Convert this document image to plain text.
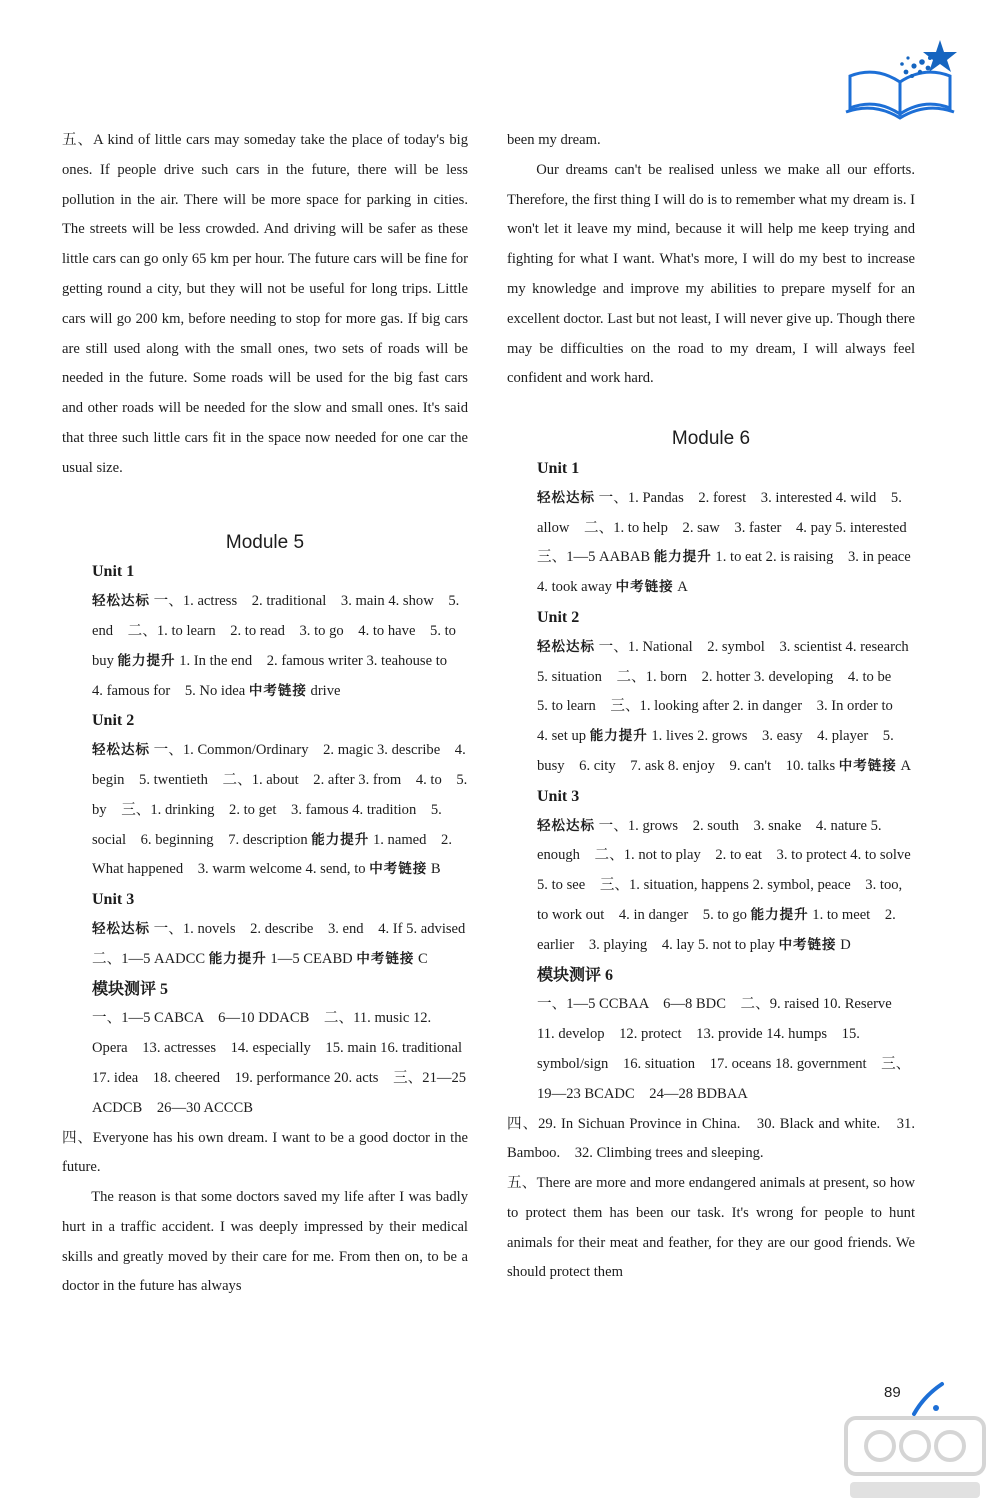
五、A kind of little cars may someday take the place of today's big ones. If people drive such cars in the future, there will be less pollution in the air. There will be more space for parking in cities. The streets will be less crowded. And driving will be safer as these little cars can go only 65 km per hour. The future cars will be fine for getting round a city, but they will not be useful for long trips. Little cars will go 200 km, before needing to stop for more gas. If big cars are still used along with the small ones, two sets of roads will be needed in the future. Some roads will be used for the big fast cars and other roads will be needed for the slow and small ones. It's said that three such little cars fit in the space now needed for one car the usual size.

Module 5

Unit 1

轻松达标 一、1. actress　2. traditional　3. main 4. show　5. end　二、1. to learn　2. to read　3. to go　4. to have　5. to buy 能力提升 1. In the end　2. famous writer 3. teahouse to　4. famous for　5. No idea 中考链接 drive

Unit 2

轻松达标 一、1. Common/Ordinary　2. magic 3. describe　4. begin　5. twentieth　二、1. about　2. after 3. from　4. to　5. by　三、1. drinking　2. to get　3. famous 4. tradition　5. social　6. beginning　7. description 能力提升 1. named　2. What happened　3. warm welcome 4. send, to 中考链接 B

Unit 3

轻松达标 一、1. novels　2. describe　3. end　4. If 5. advised　二、1—5 AADCC 能力提升 1—5 CEABD 中考链接 C

模块测评 5

一、1—5 CABCA　6—10 DDACB　二、11. music 12. Opera　13. actresses　14. especially　15. main 16. traditional　17. idea　18. cheered　19. performance 20. acts　三、21—25 ACDCB　26—30 ACCCB

四、Everyone has his own dream. I want to be a good doctor in the future.

The reason is that some doctors saved my life after I was badly hurt in a traffic accident. I was deeply impressed by their medical skills and greatly moved by their care for me. From then on, to be a doctor in the future has always

been my dream.

Our dreams can't be realised unless we make all our efforts. Therefore, the first thing I will do is to remember what my dream is. I won't let it leave my mind, because it will help me keep trying and fighting for what I want. What's more, I will do my best to increase my knowledge and improve my abilities to prepare myself for an excellent doctor. Last but not least, I will never give up. Though there may be difficulties on the road to my dream, I will always feel confident and work hard.

Module 6

Unit 1

轻松达标 一、1. Pandas　2. forest　3. interested 4. wild　5. allow　二、1. to help　2. saw　3. faster　4. pay 5. interested　三、1—5 AABAB 能力提升 1. to eat 2. is raising　3. in peace　4. took away 中考链接 A

Unit 2

轻松达标 一、1. National　2. symbol　3. scientist 4. research　5. situation　二、1. born　2. hotter 3. developing　4. to be　5. to learn　三、1. looking after 2. in danger　3. In order to　4. set up 能力提升 1. lives 2. grows　3. easy　4. player　5. busy　6. city　7. ask 8. enjoy　9. can't　10. talks 中考链接 A

Unit 3

轻松达标 一、1. grows　2. south　3. snake　4. nature 5. enough　二、1. not to play　2. to eat　3. to protect 4. to solve　5. to see　三、1. situation, happens 2. symbol, peace　3. too, to work out　4. in danger　5. to go 能力提升 1. to meet　2. earlier　3. playing　4. lay 5. not to play 中考链接 D

模块测评 6

一、1—5 CCBAA　6—8 BDC　二、9. raised 10. Reserve　11. develop　12. protect　13. provide 14. humps　15. symbol/sign　16. situation　17. oceans 18. government　三、19—23 BCADC　24—28 BDBAA

四、29. In Sichuan Province in China.　30. Black and white.　31. Bamboo.　32. Climbing trees and sleeping.

五、There are more and more endangered animals at present, so how to protect them has been our task. It's wrong for people to hunt animals for their meat and feather, for they are our good friends. We should protect them

89
